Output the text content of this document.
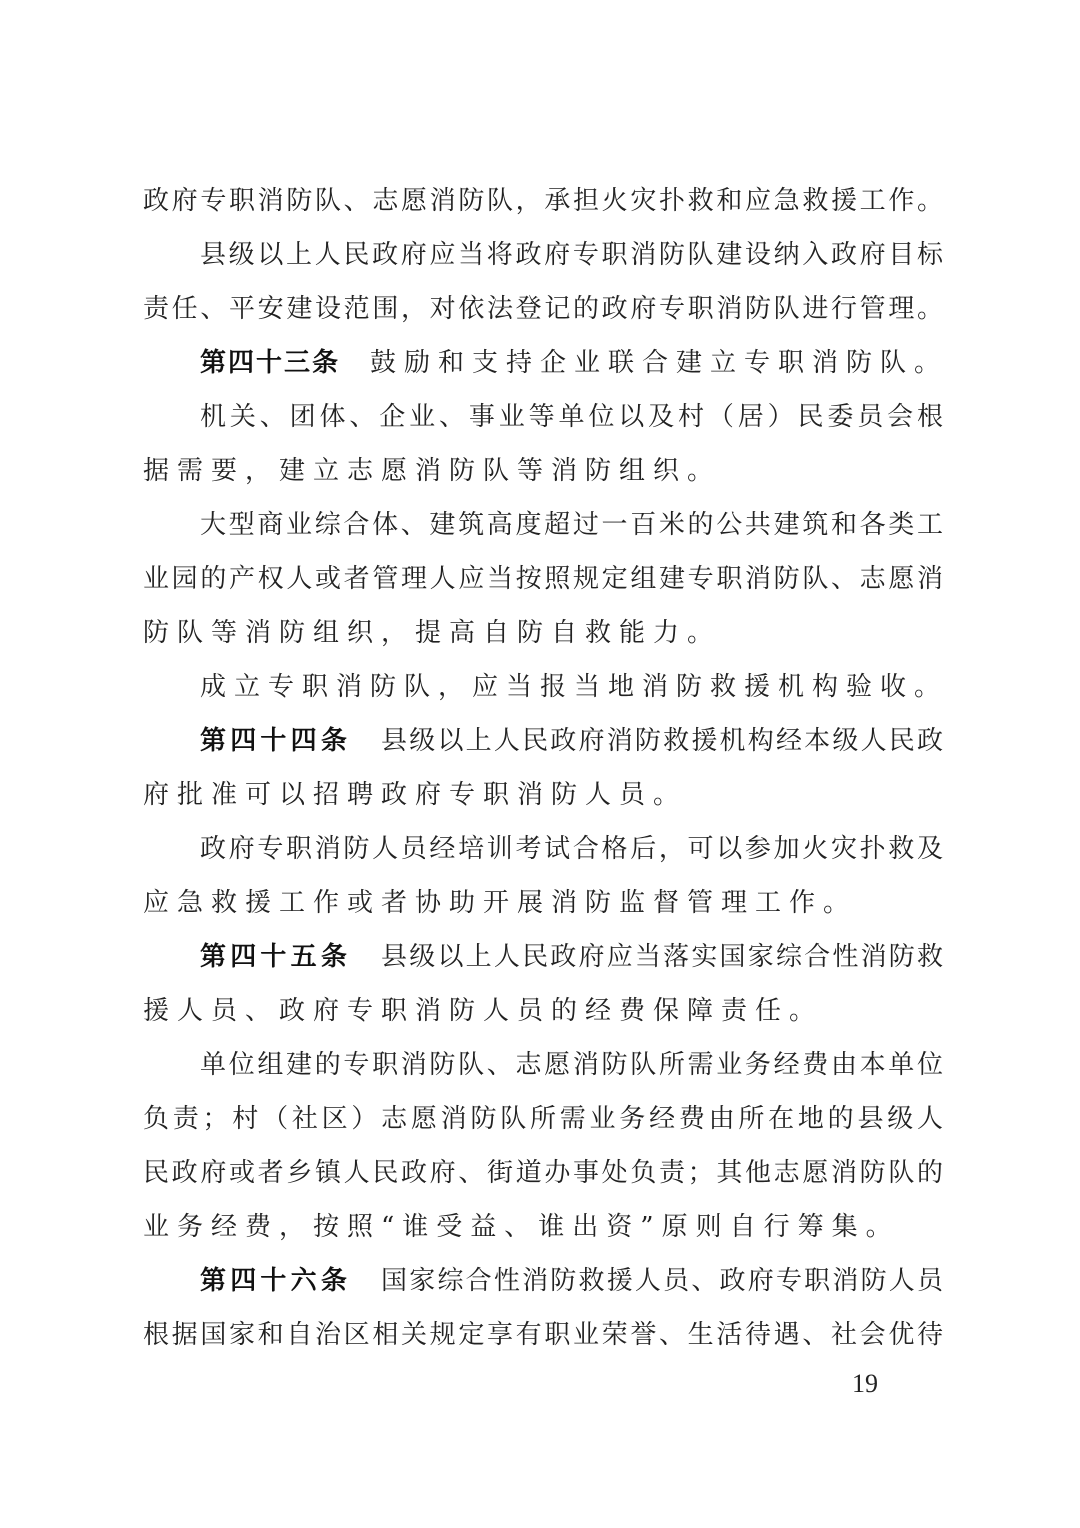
政府专职消防队、志愿消防队，承担火灾扑救和应急救援工作。
县级以上人民政府应当将政府专职消防队建设纳入政府目标
责任、平安建设范围，对依法登记的政府专职消防队进行管理。
第四十三条 鼓励和支持企业联合建立专职消防队。
机关、团体、企业、事业等单位以及村（居）民委员会根
据需要，建立志愿消防队等消防组织。
大型商业综合体、建筑高度超过一百米的公共建筑和各类工
业园的产权人或者管理人应当按照规定组建专职消防队、志愿消
防队等消防组织，提高自防自救能力。
成立专职消防队，应当报当地消防救援机构验收。
第四十四条 县级以上人民政府消防救援机构经本级人民政
府批准可以招聘政府专职消防人员。
政府专职消防人员经培训考试合格后，可以参加火灾扑救及
应急救援工作或者协助开展消防监督管理工作。
第四十五条 县级以上人民政府应当落实国家综合性消防救
援人员、政府专职消防人员的经费保障责任。
单位组建的专职消防队、志愿消防队所需业务经费由本单位
负责；村（社区）志愿消防队所需业务经费由所在地的县级人
民政府或者乡镇人民政府、街道办事处负责；其他志愿消防队的
业务经费，按照“谁受益、谁出资”原则自行筹集。
第四十六条 国家综合性消防救援人员、政府专职消防人员
根据国家和自治区相关规定享有职业荣誉、生活待遇、社会优待
19
